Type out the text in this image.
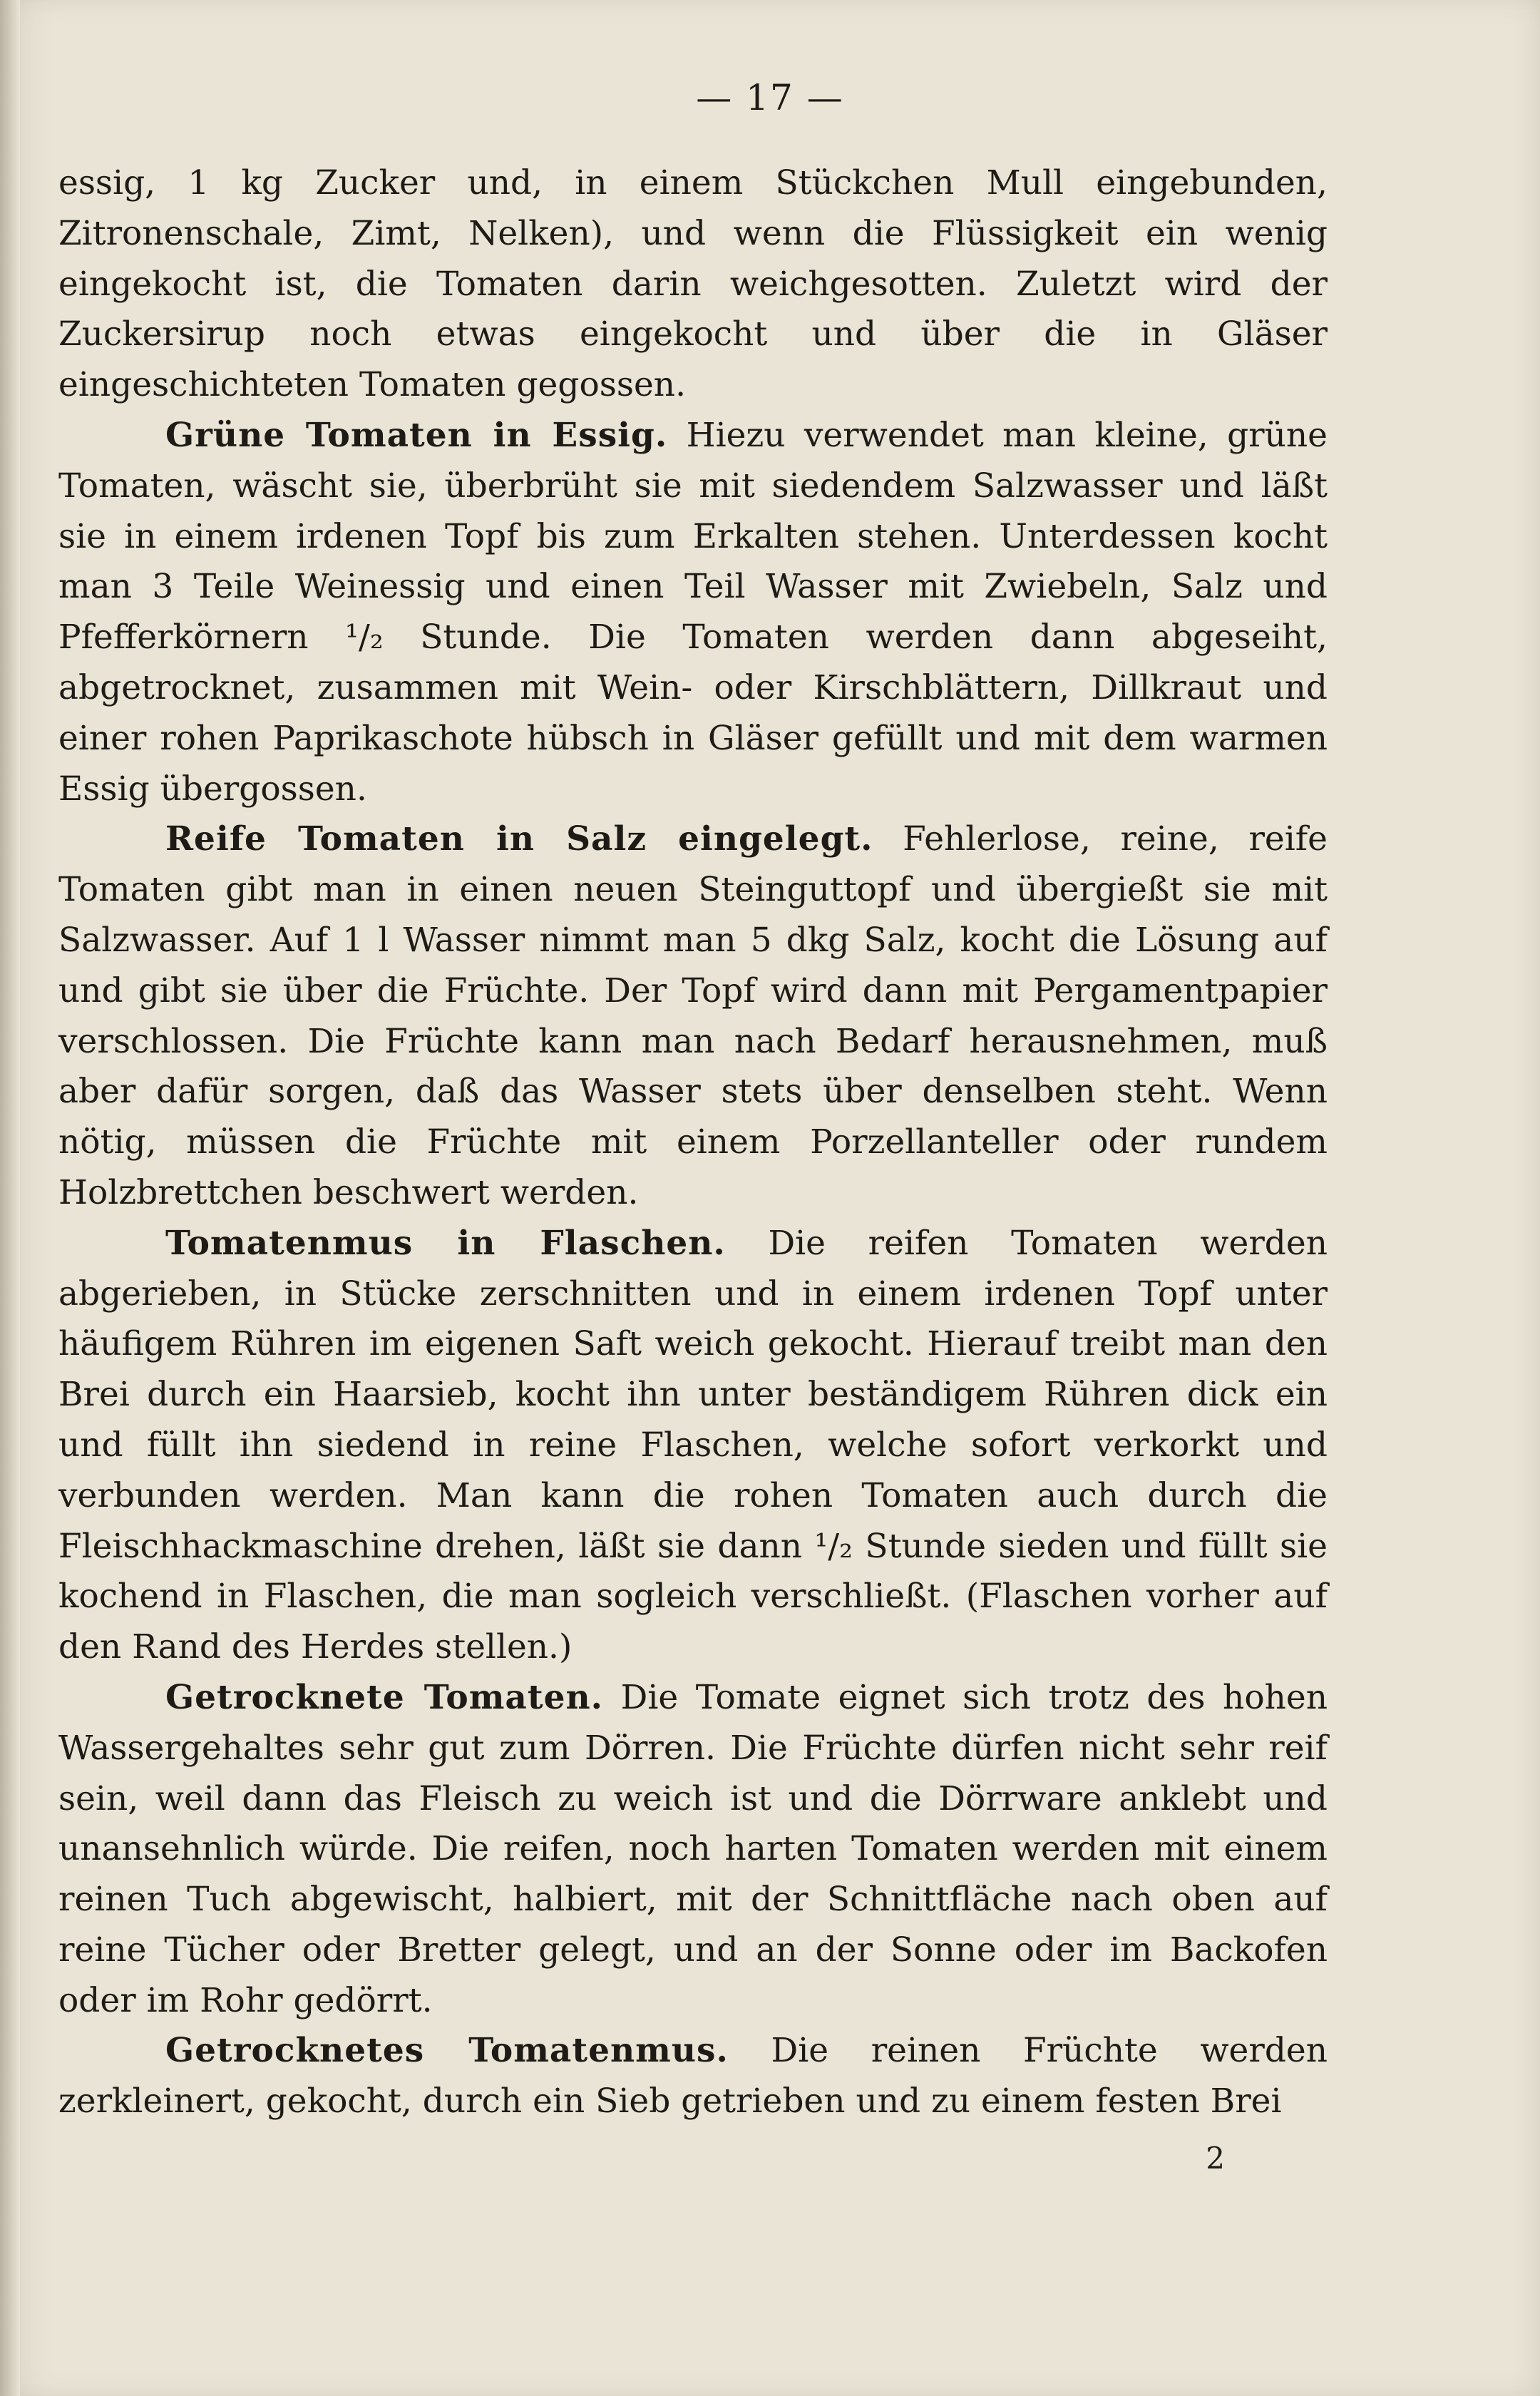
— 17 —

essig, 1 kg Zucker und, in einem Stückchen Mull eingebunden, Zitronenschale, Zimt, Nelken), und wenn die Flüssigkeit ein wenig eingekocht ist, die Tomaten darin weichgesotten. Zuletzt wird der Zuckersirup noch etwas eingekocht und über die in Gläser eingeschichteten Tomaten gegossen.

Grüne Tomaten in Essig. Hiezu verwendet man kleine, grüne Tomaten, wäscht sie, überbrüht sie mit siedendem Salzwasser und läßt sie in einem irdenen Topf bis zum Erkalten stehen. Unterdessen kocht man 3 Teile Weinessig und einen Teil Wasser mit Zwiebeln, Salz und Pfefferkörnern ¹/₂ Stunde. Die Tomaten werden dann abgeseiht, abgetrocknet, zusammen mit Wein- oder Kirschblättern, Dillkraut und einer rohen Paprikaschote hübsch in Gläser gefüllt und mit dem warmen Essig übergossen.

Reife Tomaten in Salz eingelegt. Fehlerlose, reine, reife Tomaten gibt man in einen neuen Steinguttopf und übergießt sie mit Salzwasser. Auf 1 l Wasser nimmt man 5 dkg Salz, kocht die Lösung auf und gibt sie über die Früchte. Der Topf wird dann mit Pergamentpapier verschlossen. Die Früchte kann man nach Bedarf herausnehmen, muß aber dafür sorgen, daß das Wasser stets über denselben steht. Wenn nötig, müssen die Früchte mit einem Porzellanteller oder rundem Holzbrettchen beschwert werden.

Tomatenmus in Flaschen. Die reifen Tomaten werden abgerieben, in Stücke zerschnitten und in einem irdenen Topf unter häufigem Rühren im eigenen Saft weich gekocht. Hierauf treibt man den Brei durch ein Haarsieb, kocht ihn unter beständigem Rühren dick ein und füllt ihn siedend in reine Flaschen, welche sofort verkorkt und verbunden werden. Man kann die rohen Tomaten auch durch die Fleischhackmaschine drehen, läßt sie dann ¹/₂ Stunde sieden und füllt sie kochend in Flaschen, die man sogleich verschließt. (Flaschen vorher auf den Rand des Herdes stellen.)

Getrocknete Tomaten. Die Tomate eignet sich trotz des hohen Wassergehaltes sehr gut zum Dörren. Die Früchte dürfen nicht sehr reif sein, weil dann das Fleisch zu weich ist und die Dörrware anklebt und unansehnlich würde. Die reifen, noch harten Tomaten werden mit einem reinen Tuch abgewischt, halbiert, mit der Schnittfläche nach oben auf reine Tücher oder Bretter gelegt, und an der Sonne oder im Backofen oder im Rohr gedörrt.

Getrocknetes Tomatenmus. Die reinen Früchte werden zerkleinert, gekocht, durch ein Sieb getrieben und zu einem festen Brei

2
